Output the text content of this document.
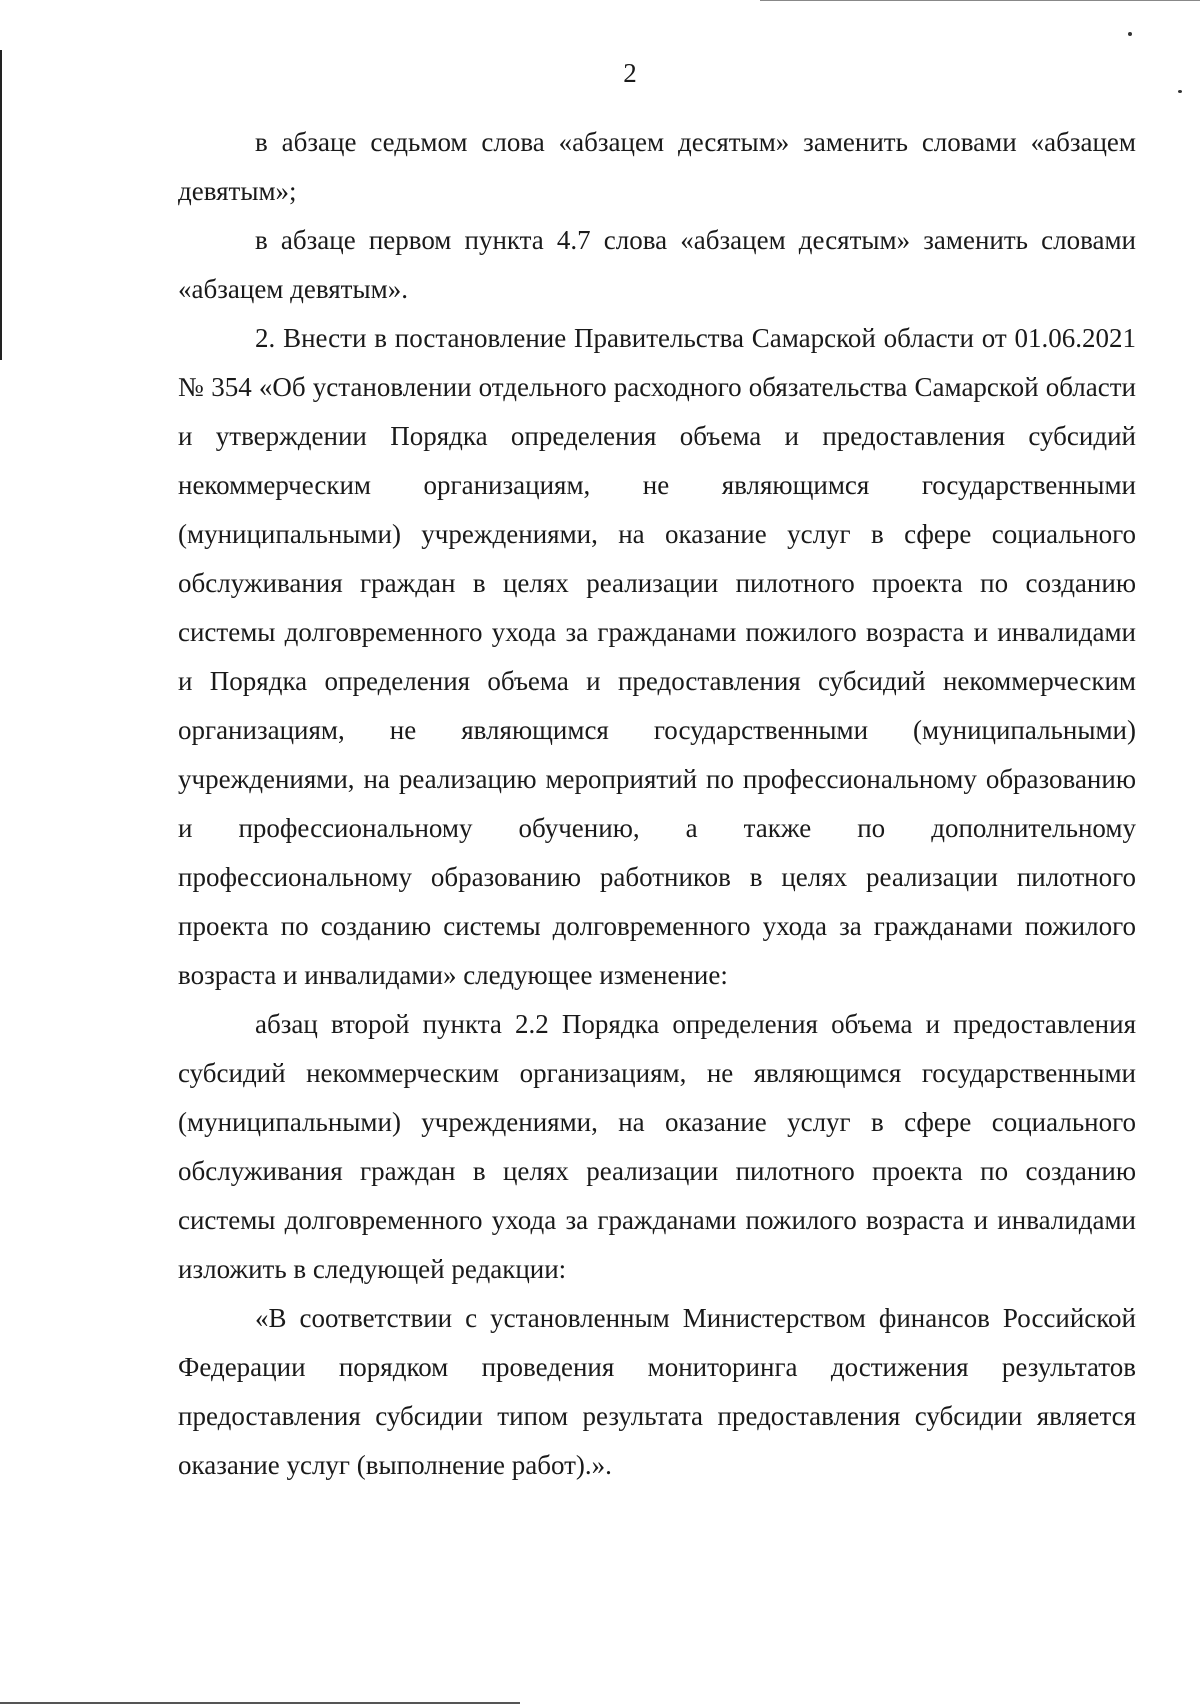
2

в абзаце седьмом слова «абзацем десятым» заменить словами «абзацем девятым»;

в абзаце первом пункта 4.7 слова «абзацем десятым» заменить словами «абзацем девятым».

2. Внести в постановление Правительства Самарской области от 01.06.2021 № 354 «Об установлении отдельного расходного обязательства Самарской области и утверждении Порядка определения объема и предоставления субсидий некоммерческим организациям, не являющимся государственными (муниципальными) учреждениями, на оказание услуг в сфере социального обслуживания граждан в целях реализации пилотного проекта по созданию системы долговременного ухода за гражданами пожилого возраста и инвалидами и Порядка определения объема и предоставления субсидий некоммерческим организациям, не являющимся государственными (муниципальными) учреждениями, на реализацию мероприятий по профессиональному образованию и профессиональному обучению, а также по дополнительному профессиональному образованию работников в целях реализации пилотного проекта по созданию системы долговременного ухода за гражданами пожилого возраста и инвалидами» следующее изменение:

абзац второй пункта 2.2 Порядка определения объема и предоставления субсидий некоммерческим организациям, не являющимся государственными (муниципальными) учреждениями, на оказание услуг в сфере социального обслуживания граждан в целях реализации пилотного проекта по созданию системы долговременного ухода за гражданами пожилого возраста и инвалидами изложить в следующей редакции:

«В соответствии с установленным Министерством финансов Российской Федерации порядком проведения мониторинга достижения результатов предоставления субсидии типом результата предоставления субсидии является оказание услуг (выполнение работ).».
